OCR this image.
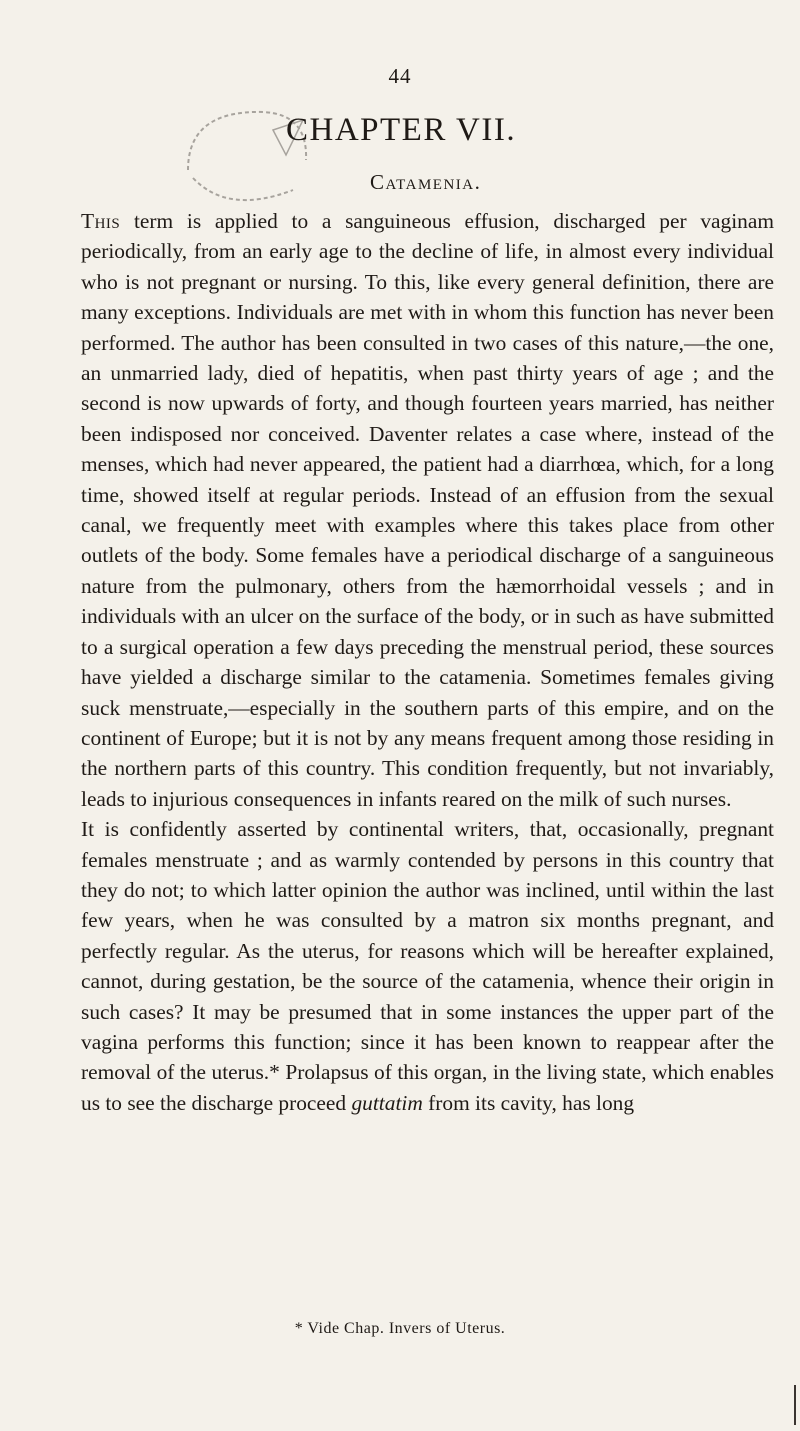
44
CHAPTER VII.
Catamenia.

This term is applied to a sanguineous effusion, discharged per vaginam periodically, from an early age to the decline of life, in almost every individual who is not pregnant or nursing. To this, like every general definition, there are many exceptions. Individuals are met with in whom this function has never been performed. The author has been consulted in two cases of this nature,—the one, an unmarried lady, died of hepatitis, when past thirty years of age ; and the second is now upwards of forty, and though fourteen years married, has neither been indisposed nor conceived. Daventer relates a case where, instead of the menses, which had never appeared, the patient had a diarrhœa, which, for a long time, showed itself at regular periods. Instead of an effusion from the sexual canal, we frequently meet with examples where this takes place from other outlets of the body. Some females have a periodical discharge of a sanguineous nature from the pulmonary, others from the hæmorrhoidal vessels ; and in individuals with an ulcer on the surface of the body, or in such as have submitted to a surgical operation a few days preceding the menstrual period, these sources have yielded a discharge similar to the catamenia. Sometimes females giving suck menstruate,—especially in the southern parts of this empire, and on the continent of Europe; but it is not by any means frequent among those residing in the northern parts of this country. This condition frequently, but not invariably, leads to injurious consequences in infants reared on the milk of such nurses.

It is confidently asserted by continental writers, that, occasionally, pregnant females menstruate ; and as warmly contended by persons in this country that they do not; to which latter opinion the author was inclined, until within the last few years, when he was consulted by a matron six months pregnant, and perfectly regular. As the uterus, for reasons which will be hereafter explained, cannot, during gestation, be the source of the catamenia, whence their origin in such cases? It may be presumed that in some instances the upper part of the vagina performs this function; since it has been known to reappear after the removal of the uterus.* Prolapsus of this organ, in the living state, which enables us to see the discharge proceed guttatim from its cavity, has long

* Vide Chap. Invers of Uterus.
